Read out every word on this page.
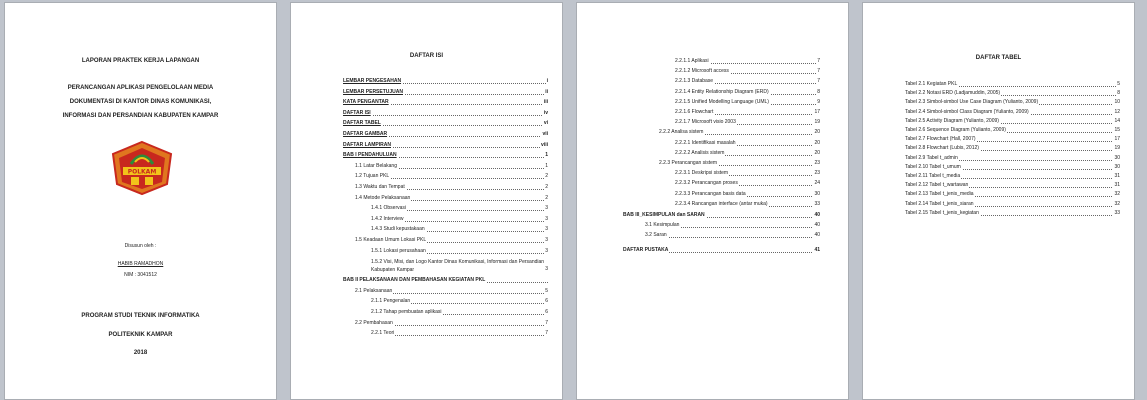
LAPORAN PRAKTEK KERJA LAPANGAN
PERANCANGAN APLIKASI PENGELOLAAN MEDIA
DOKUMENTASI DI KANTOR DINAS KOMUNIKASI,
INFORMASI DAN PERSANDIAN KABUPATEN KAMPAR
POLKAM
Disusun oleh :
HABIB RAMADHON
NIM : 3041512
PROGRAM STUDI TEKNIK INFORMATIKA
POLITEKNIK KAMPAR
2018
DAFTAR ISI
LEMBAR PENGESAHAN	i
LEMBAR PERSETUJUAN	ii
KATA PENGANTAR	iii
DAFTAR ISI	iv
DAFTAR TABEL	vi
DAFTAR GAMBAR	vii
DAFTAR LAMPIRAN	viii
BAB I PENDAHULUAN	1
1.1 Latar Belakang	1
1.2 Tujuan PKL	2
1.3 Waktu dan Tempat	2
1.4 Metode Pelaksanaan	2
1.4.1 Observasi	3
1.4.2 Interview	3
1.4.3 Studi kepustakaan	3
1.5 Keadaan Umum Lokasi PKL	3
1.5.1 Lokasi perusahaan	3
1.5.2 Visi, Misi, dan Logo Kantor Dinas Komunikasi, Informasi dan Persandian Kabupaten Kampar	3
BAB II PELAKSANAAN DAN PEMBAHASAN KEGIATAN PKL
2.1 Pelaksanaan	5
2.1.1 Pengenalan	6
2.1.2 Tahap pembuatan aplikasi	6
2.2 Pembahasan	7
2.2.1 Teori	7
2.2.1.1 Aplikasi	7
2.2.1.2 Microsoft access	7
2.2.1.3 Database	7
2.2.1.4 Entity Relationship Diagram (ERD)	8
2.2.1.5 Unified Modelling Language (UML)	9
2.2.1.6 Flowchart	17
2.2.1.7 Microsoft visio 2003	19
2.2.2 Analisa sistem	20
2.2.2.1 Identifikasi masalah	20
2.2.2.2 Analisis sistem	20
2.2.3 Perancangan sistem	23
2.2.3.1 Deskripsi sistem	23
2.2.3.2 Perancangan proses	24
2.2.3.3 Perancangan basis data	30
2.2.3.4 Rancangan interface (antar muka)	33
BAB III_KESIMPULAN dan SARAN	40
3.1 Kesimpulan	40
3.2 Saran	40
DAFTAR PUSTAKA	41
DAFTAR TABEL
Tabel 2.1 Kegiatan PKL	5
Tabel 2.2 Notasi ERD (Ladjamuddin, 2005)	8
Tabel 2.3 Simbol-simbol Use Case Diagram (Yulianto, 2009)	10
Tabel 2.4 Simbol-simbol Class Diagram (Yulianto, 2009)	12
Tabel 2.5 Activity Diagram (Yulianto, 2009)	14
Tabel 2.6 Sequence Diagram (Yulianto, 2009)	15
Tabel 2.7 Flowchart (Hall, 2007)	17
Tabel 2.8 Flowchart (Lubis, 2012)	19
Tabel 2.9 Tabel t_admin	30
Tabel 2.10 Tabel t_umum	30
Tabel 2.11 Tabel t_media	31
Tabel 2.12 Tabel t_wartawan	31
Tabel 2.13 Tabel t_jenis_media	32
Tabel 2.14 Tabel t_jenis_siaran	32
Tabel 2.15 Tabel t_jenis_kegiatan	33
